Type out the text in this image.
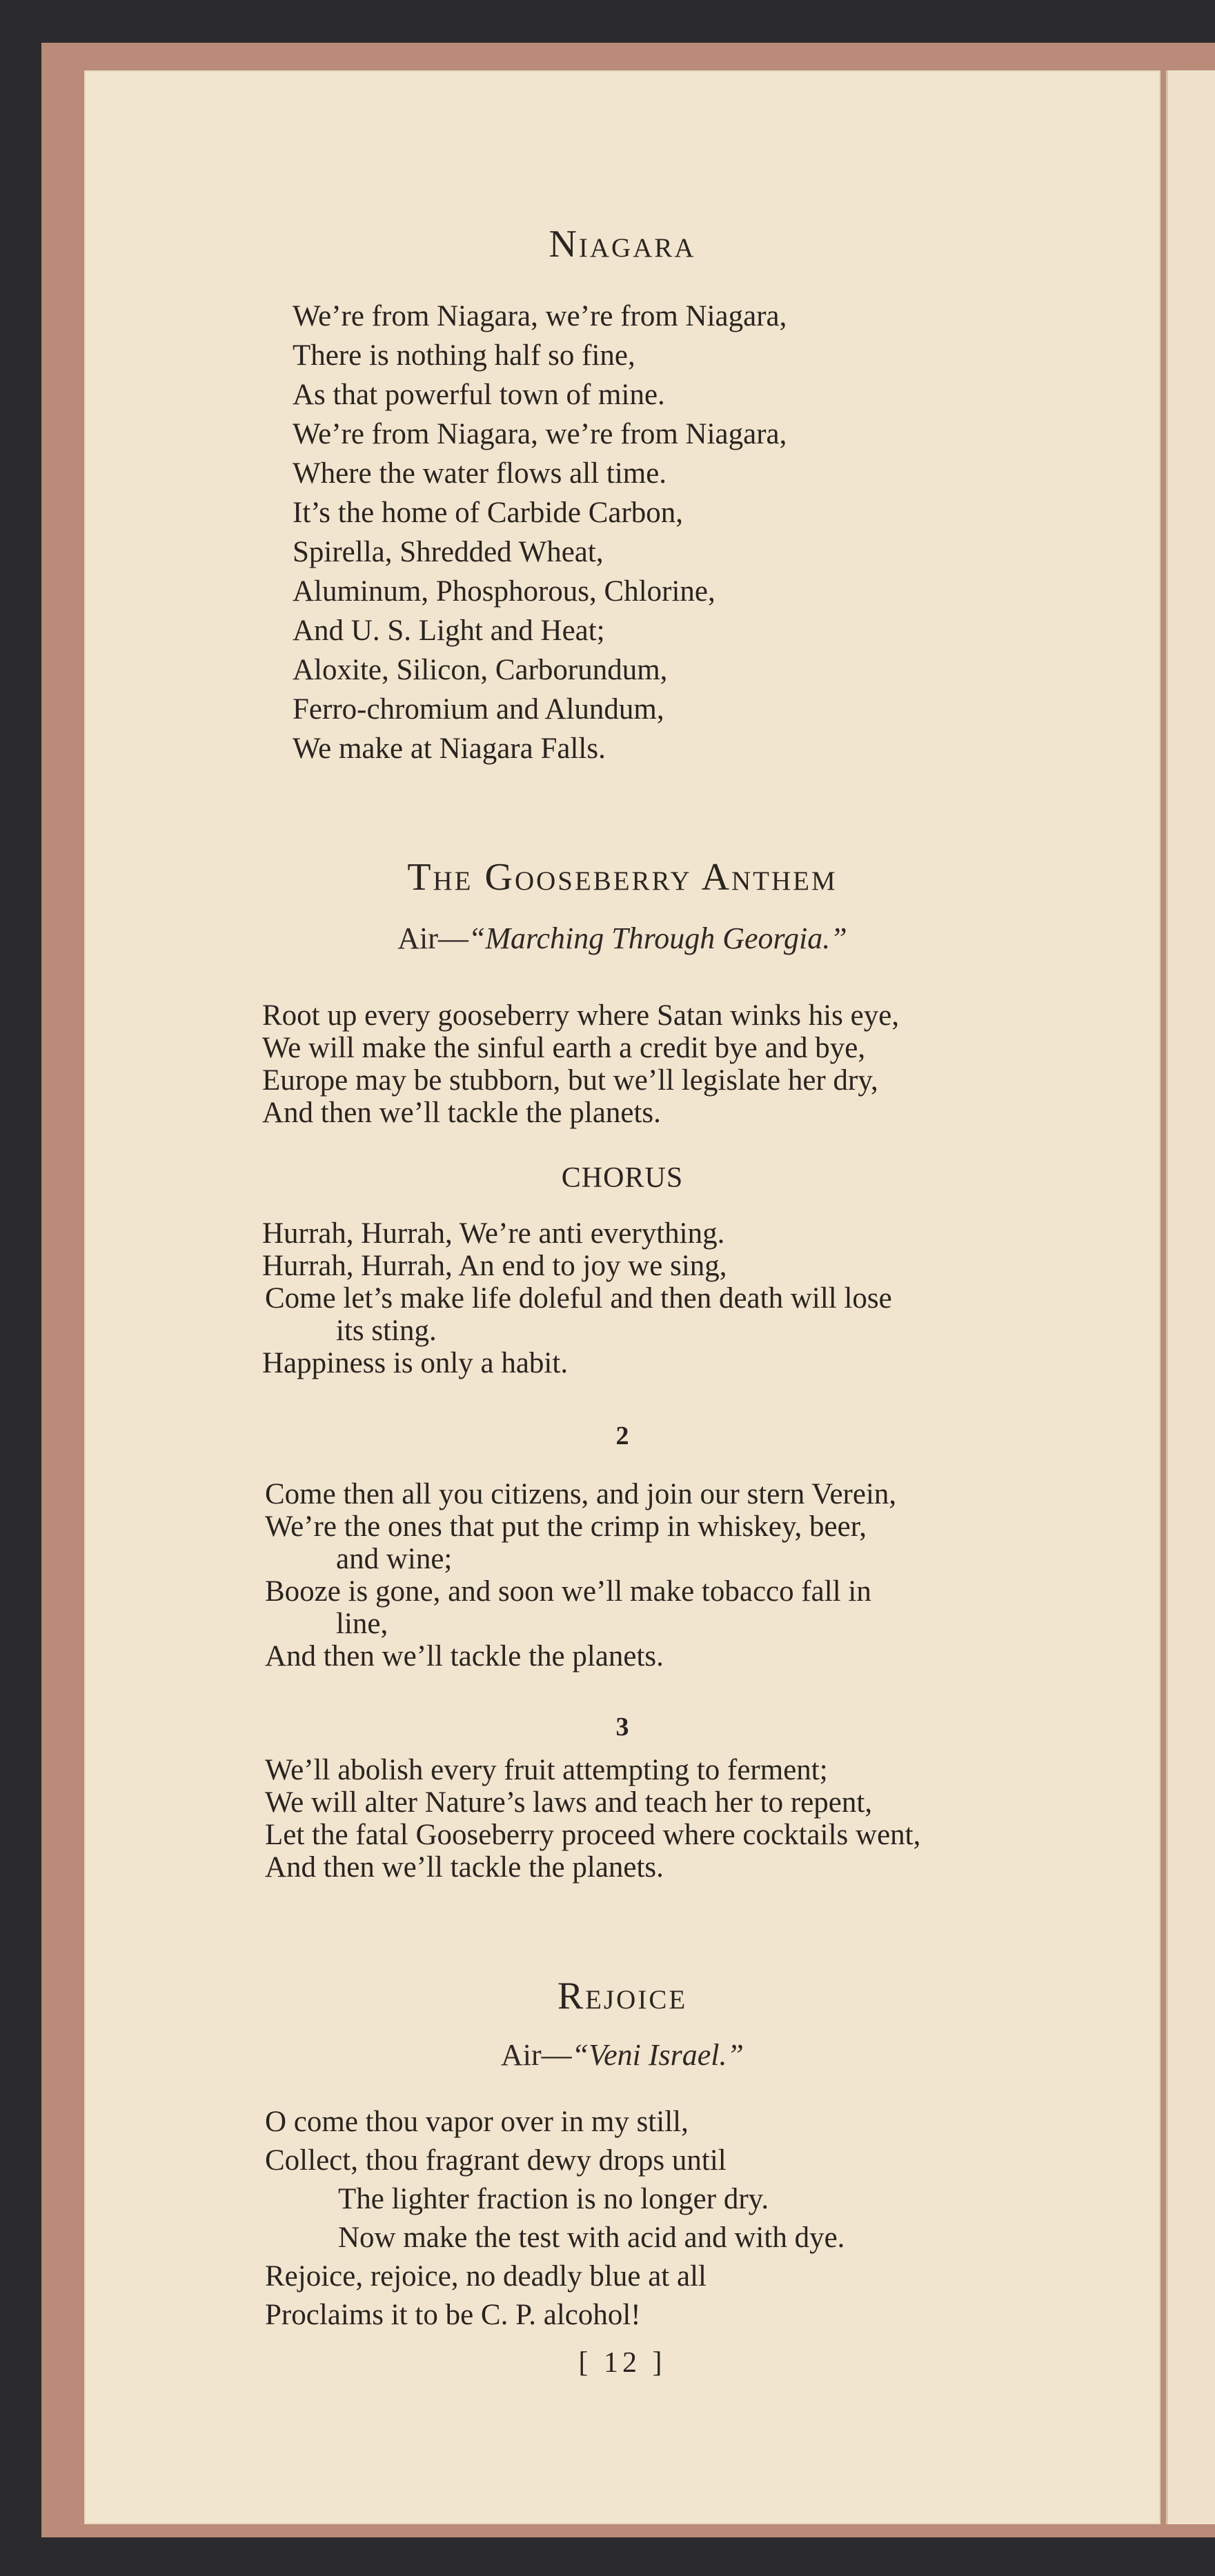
Niagara
We’re from Niagara, we’re from Niagara,
There is nothing half so fine,
As that powerful town of mine.
We’re from Niagara, we’re from Niagara,
Where the water flows all time.
It’s the home of Carbide Carbon,
Spirella, Shredded Wheat,
Aluminum, Phosphorous, Chlorine,
And U. S. Light and Heat;
Aloxite, Silicon, Carborundum,
Ferro-chromium and Alundum,
We make at Niagara Falls.
The Gooseberry Anthem
Air—“Marching Through Georgia.”
Root up every gooseberry where Satan winks his eye,
We will make the sinful earth a credit bye and bye,
Europe may be stubborn, but we’ll legislate her dry,
And then we’ll tackle the planets.
CHORUS
Hurrah, Hurrah, We’re anti everything.
Hurrah, Hurrah, An end to joy we sing,
Come let’s make life doleful and then death will lose
its sting.
Happiness is only a habit.
2
Come then all you citizens, and join our stern Verein,
We’re the ones that put the crimp in whiskey, beer,
and wine;
Booze is gone, and soon we’ll make tobacco fall in
line,
And then we’ll tackle the planets.
3
We’ll abolish every fruit attempting to ferment;
We will alter Nature’s laws and teach her to repent,
Let the fatal Gooseberry proceed where cocktails went,
And then we’ll tackle the planets.
Rejoice
Air—“Veni Israel.”
O come thou vapor over in my still,
Collect, thou fragrant dewy drops until
The lighter fraction is no longer dry.
Now make the test with acid and with dye.
Rejoice, rejoice, no deadly blue at all
Proclaims it to be C. P. alcohol!
[ 12 ]
